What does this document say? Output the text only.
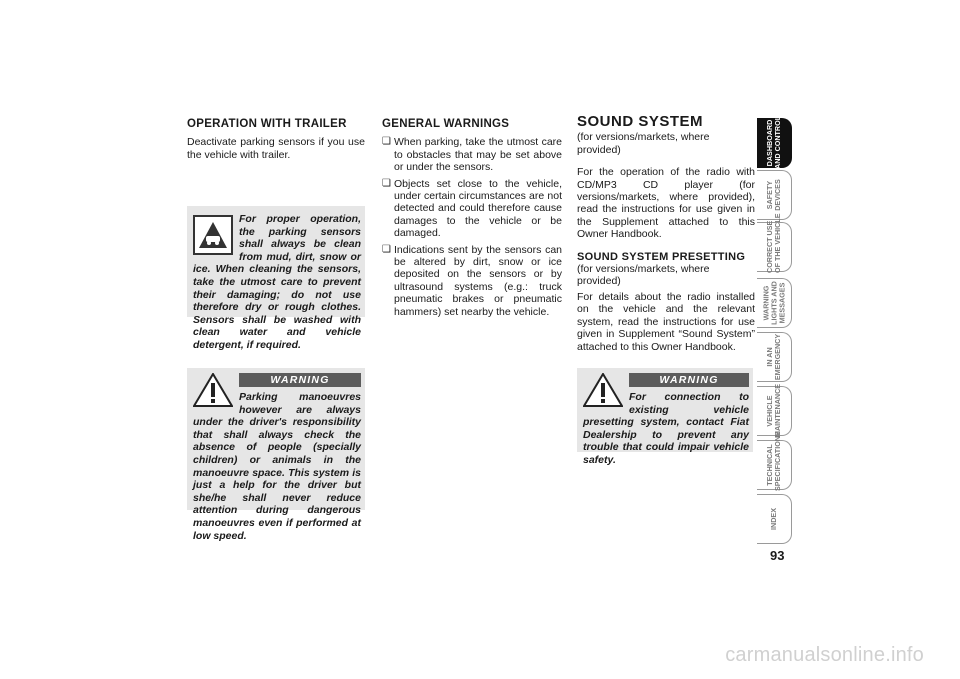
OPERATION WITH TRAILER

Deactivate parking sensors if you use the vehicle with trailer.

For proper operation, the parking sensors shall always be clean from mud, dirt, snow or ice. When cleaning the sensors, take the utmost care to prevent their damaging; do not use therefore dry or rough clothes. Sensors shall be washed with clean water and vehicle detergent, if required.
WARNING
Parking manoeuvres however are always under the driver's responsibility that shall always check the absence of people (specially children) or animals in the manoeuvre space. This system is just a help for the driver but she/he shall never reduce attention during dangerous manoeuvres even if performed at low speed.
GENERAL WARNINGS
❏ When parking, take the utmost care to obstacles that may be set above or under the sensors.
❏ Objects set close to the vehicle, under certain circumstances are not detected and could therefore cause damages to the vehicle or be damaged.
❏ Indications sent by the sensors can be altered by dirt, snow or ice deposited on the sensors or by ultrasound systems (e.g.: truck pneumatic brakes or pneumatic hammers) set nearby the vehicle.
SOUND SYSTEM

(for versions/markets, where provided)

For the operation of the radio with CD/MP3 CD player (for versions/markets, where provided), read the instructions for use given in the Supplement attached to this Owner Handbook.

SOUND SYSTEM PRESETTING

(for versions/markets, where provided)

For details about the radio installed on the vehicle and the relevant system, read the instructions for use given in Supplement “Sound System” attached to this Owner Handbook.

WARNING
For connection to existing vehicle presetting system, contact Fiat Dealership to prevent any trouble that could impair vehicle safety.
DASHBOARD
AND CONTROLS
SAFETY
DEVICES
CORRECT USE
OF THE VEHICLE
WARNING
LIGHTS AND
MESSAGES
IN AN
EMERGENCY
VEHICLE
MAINTENANCE
TECHNICAL
SPECIFICATIONS
INDEX
93
carmanualsonline.info
